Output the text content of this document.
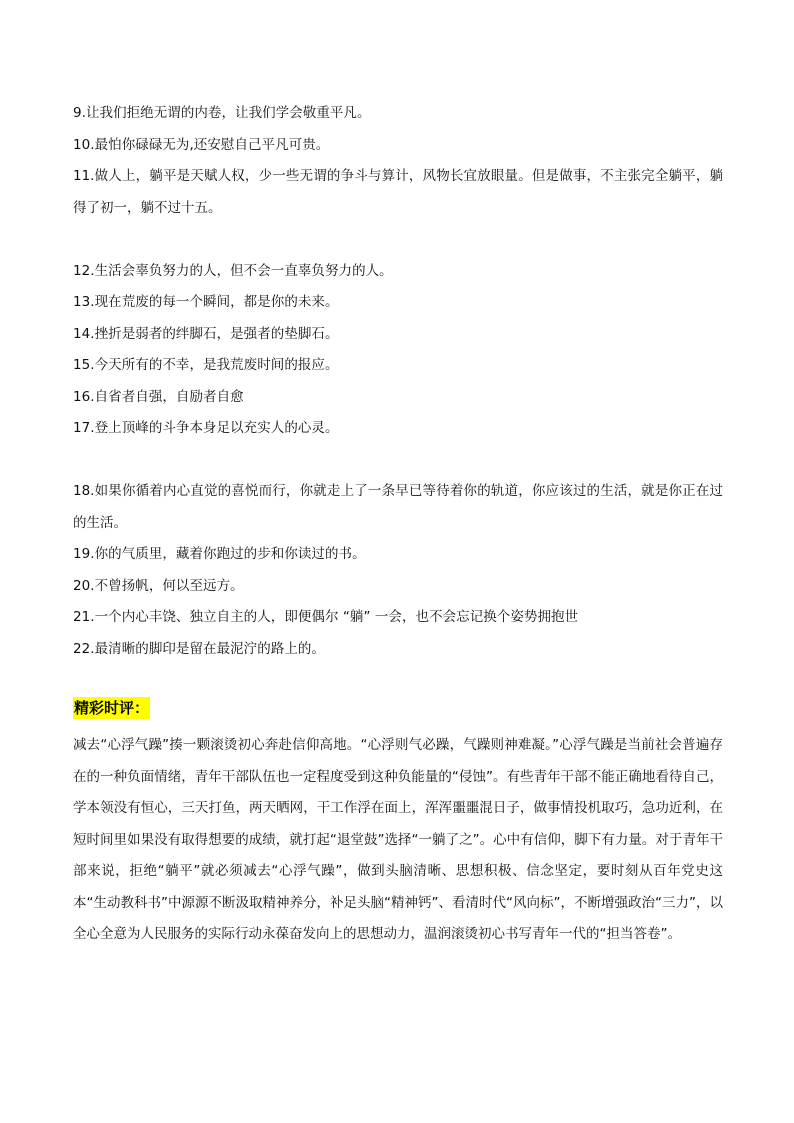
9.让我们拒绝无谓的内卷，让我们学会敬重平凡。
10.最怕你碌碌无为,还安慰自己平凡可贵。
11.做人上，躺平是天赋人权，少一些无谓的争斗与算计，风物长宜放眼量。但是做事，不主张完全躺平，躺得了初一，躺不过十五。
12.生活会辜负努力的人，但不会一直辜负努力的人。
13.现在荒废的每一个瞬间，都是你的未来。
14.挫折是弱者的绊脚石，是强者的垫脚石。
15.今天所有的不幸，是我荒废时间的报应。
16.自省者自强，自励者自愈
17.登上顶峰的斗争本身足以充实人的心灵。
18.如果你循着内心直觉的喜悦而行，你就走上了一条早已等待着你的轨道，你应该过的生活，就是你正在过的生活。
19.你的气质里，藏着你跑过的步和你读过的书。
20.不曾扬帆，何以至远方。
21.一个内心丰饶、独立自主的人，即便偶尔 “躺” 一会，也不会忘记换个姿势拥抱世
22.最清晰的脚印是留在最泥泞的路上的。
精彩时评：
减去“心浮气躁”揍一颗滚烫初心奔赴信仰高地。“心浮则气必躁，气躁则神难凝。”心浮气躁是当前社会普遍存在的一种负面情绪，青年干部队伍也一定程度受到这种负能量的“侵蚀”。有些青年干部不能正确地看待自己，学本领没有恒心，三天打鱼，两天晒网，干工作浮在面上，浑浑噩噩混日子，做事情投机取巧，急功近利，在短时间里如果没有取得想要的成绩，就打起“退堂鼓”选择“一躺了之”。心中有信仰，脚下有力量。对于青年干部来说，拒绝“躺平”就必须减去“心浮气躁”，做到头脑清晰、思想积极、信念坚定，要时刻从百年党史这本“生动教科书”中源源不断汲取精神养分，补足头脑“精神钙”、看清时代“风向标”，不断增强政治“三力”，以全心全意为人民服务的实际行动永葆奋发向上的思想动力，温润滚烫初心书写青年一代的“担当答卷”。
